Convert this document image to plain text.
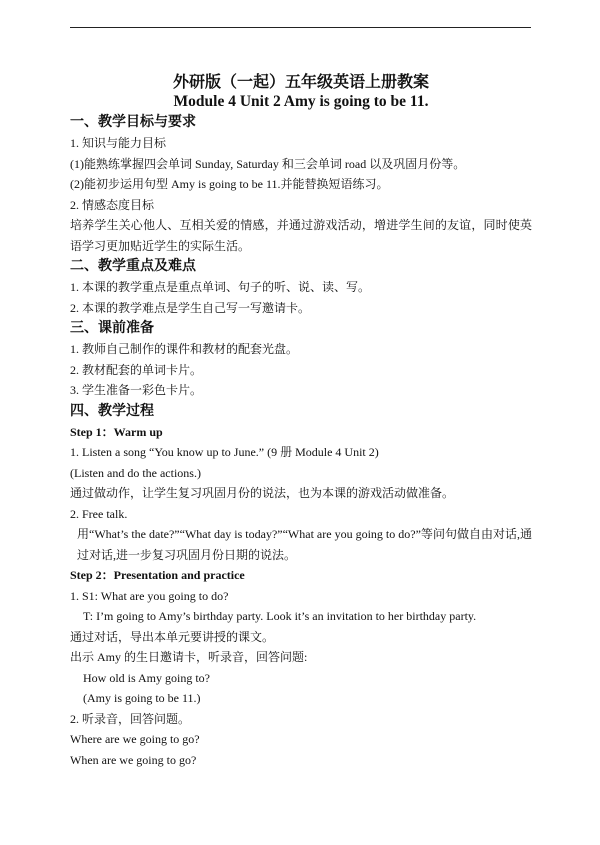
外研版（一起）五年级英语上册教案

Module 4 Unit 2 Amy is going to be 11.

一、教学目标与要求

1. 知识与能力目标

(1)能熟练掌握四会单词 Sunday, Saturday 和三会单词 road 以及巩固月份等。

(2)能初步运用句型 Amy is going to be 11.并能替换短语练习。

2. 情感态度目标

培养学生关心他人、互相关爱的情感，并通过游戏活动，增进学生间的友谊，同时使英语学习更加贴近学生的实际生活。

二、教学重点及难点

1. 本课的教学重点是重点单词、句子的听、说、读、写。

2. 本课的教学难点是学生自己写一写邀请卡。

三、课前准备

1. 教师自己制作的课件和教材的配套光盘。

2. 教材配套的单词卡片。

3. 学生准备一彩色卡片。

四、教学过程

Step 1：Warm up

1. Listen a song “You know up to June.” (9 册 Module 4 Unit 2)

(Listen and do the actions.)

通过做动作，让学生复习巩固月份的说法，也为本课的游戏活动做准备。

2. Free talk.

用“What’s the date?”“What day is today?”“What are you going to do?”等问句做自由对话,通过对话,进一步复习巩固月份日期的说法。

Step 2：Presentation and practice

1. S1: What are you going to do?

T: I’m going to Amy’s birthday party. Look it’s an invitation to her birthday party.

通过对话，导出本单元要讲授的课文。

出示 Amy 的生日邀请卡，听录音，回答问题:

How old is Amy going to?

(Amy is going to be 11.)

2. 听录音，回答问题。

Where are we going to go?

When are we going to go?
